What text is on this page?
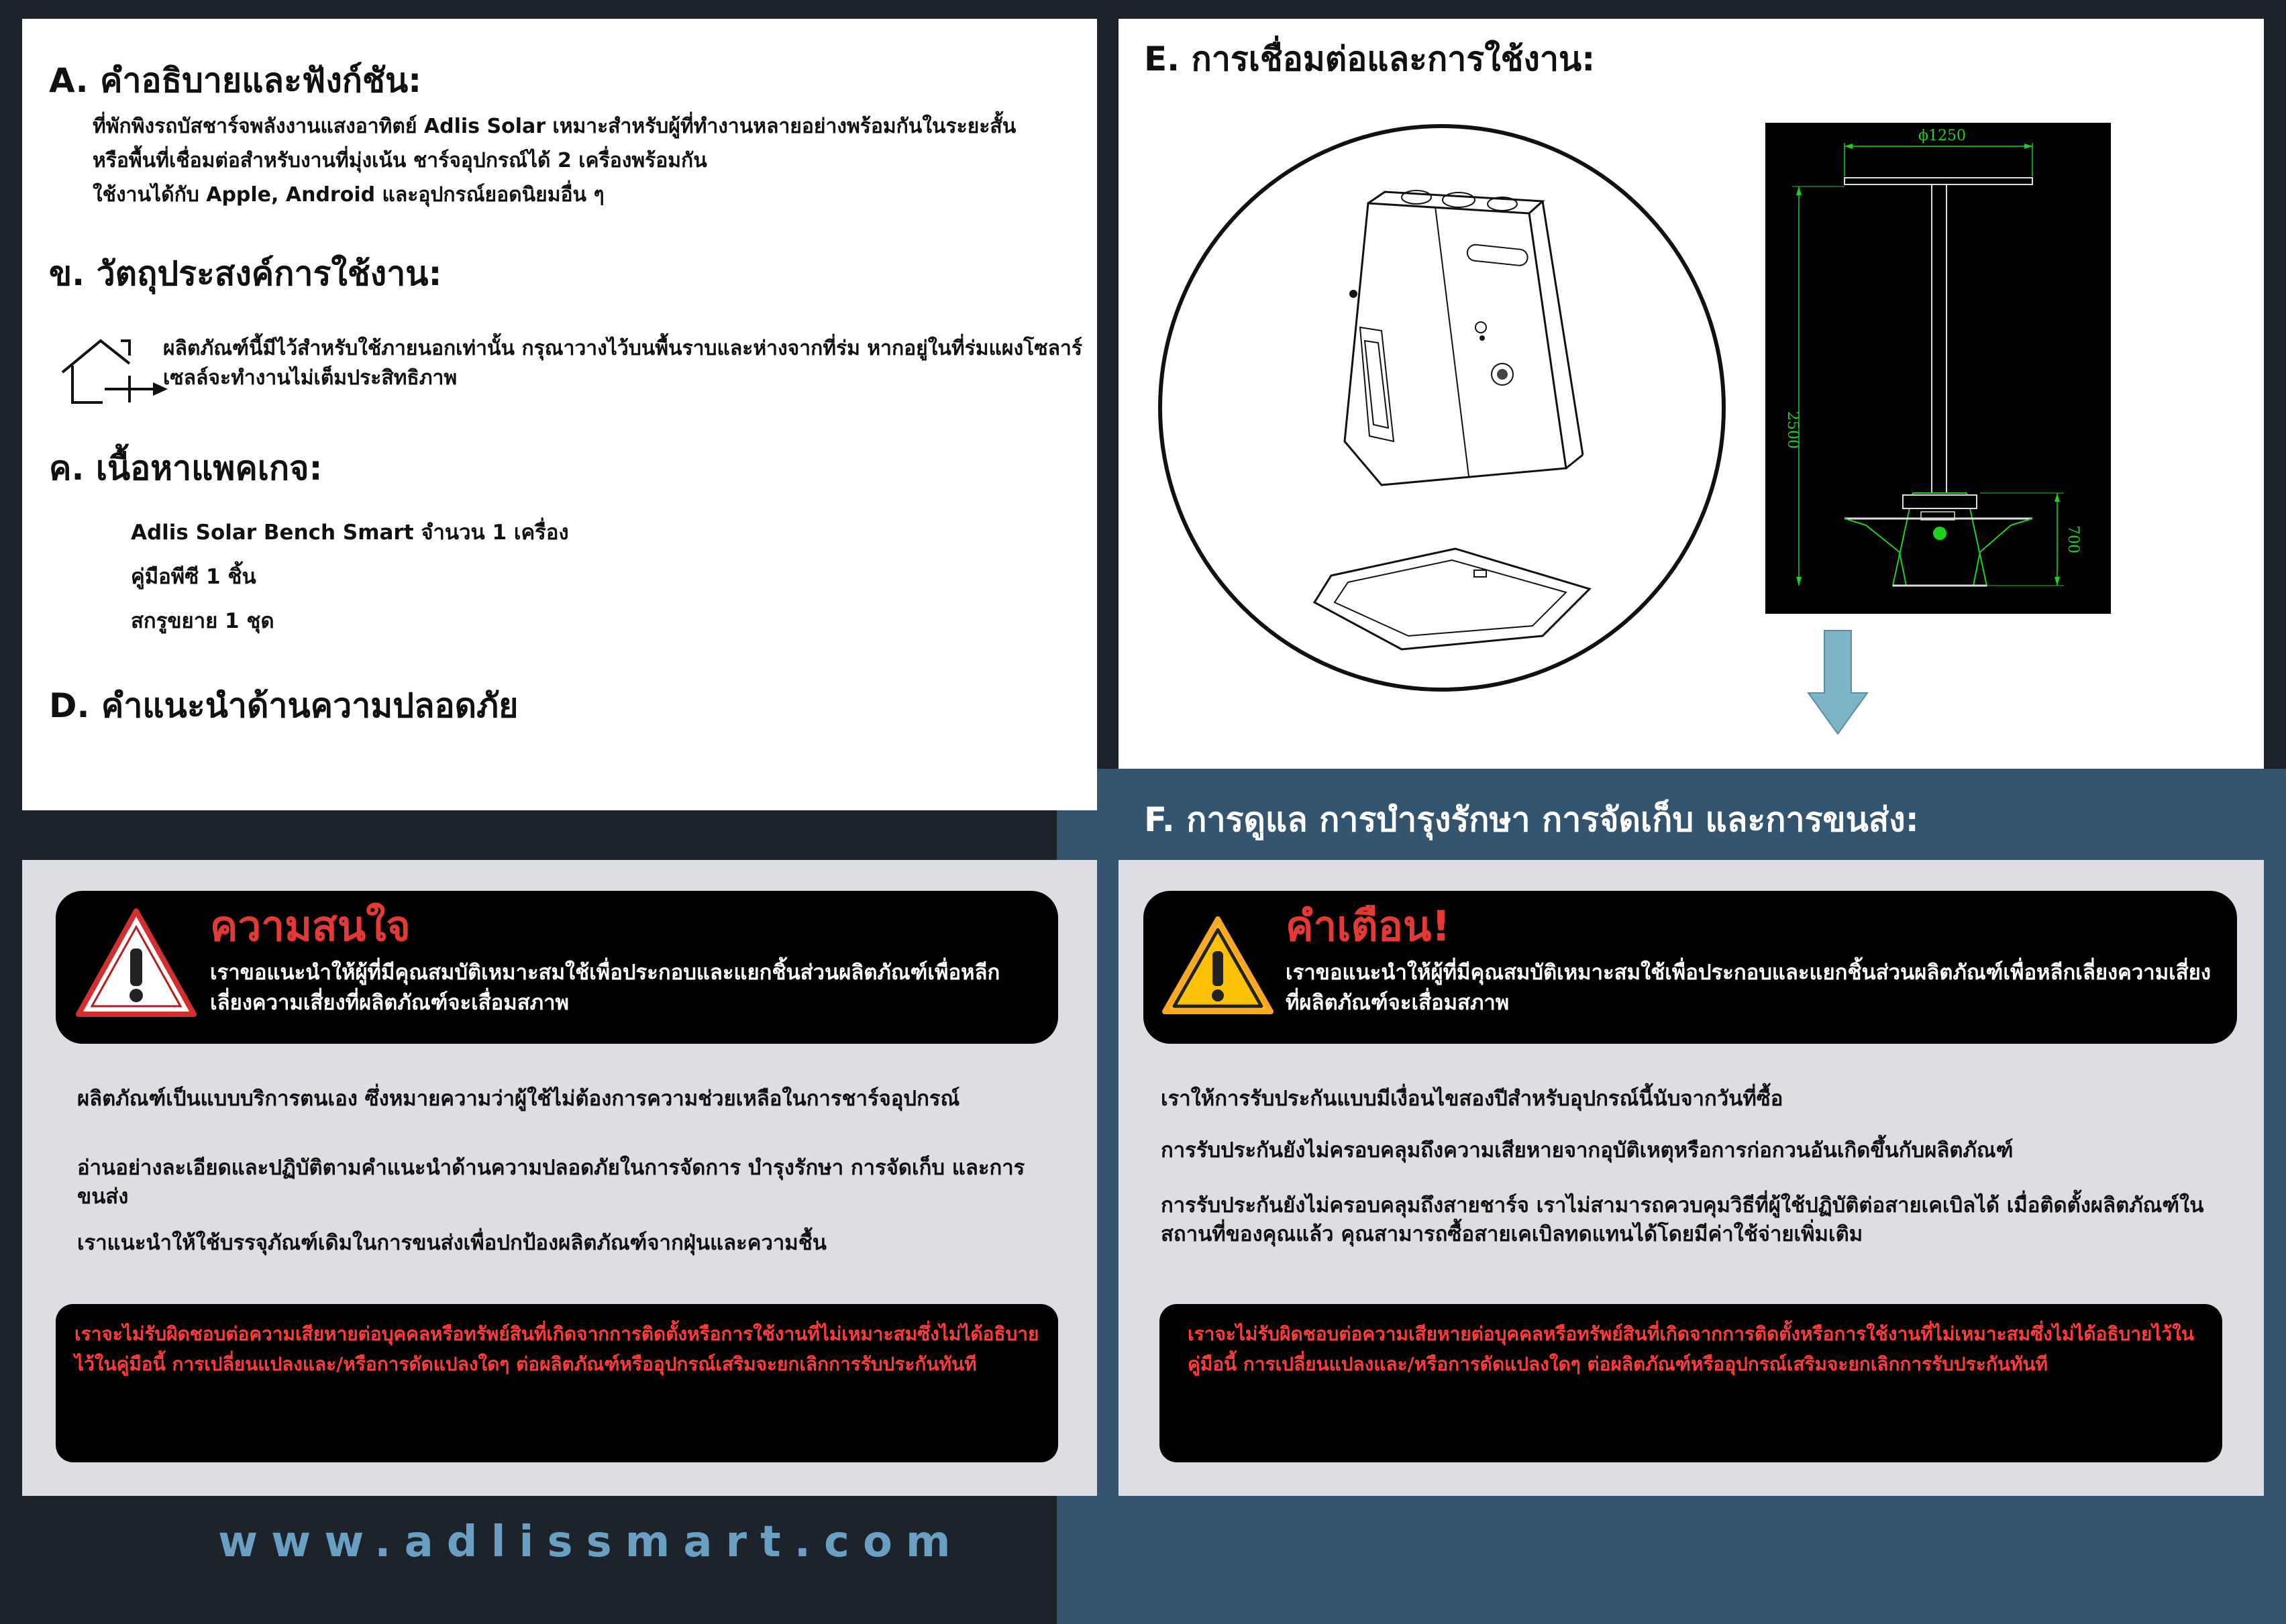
A. คำอธิบายและฟังก์ชัน:
ที่พักพิงรถบัสชาร์จพลังงานแสงอาทิตย์ Adlis Solar เหมาะสำหรับผู้ที่ทำงานหลายอย่างพร้อมกันในระยะสั้น
หรือพื้นที่เชื่อมต่อสำหรับงานที่มุ่งเน้น ชาร์จอุปกรณ์ได้ 2 เครื่องพร้อมกัน
ใช้งานได้กับ Apple, Android และอุปกรณ์ยอดนิยมอื่น ๆ
ข. วัตถุประสงค์การใช้งาน:
ผลิตภัณฑ์นี้มีไว้สำหรับใช้ภายนอกเท่านั้น กรุณาวางไว้บนพื้นราบและห่างจากที่ร่ม หากอยู่ในที่ร่มแผงโซลาร์เซลล์จะทำงานไม่เต็มประสิทธิภาพ
ค. เนื้อหาแพคเกจ:
Adlis Solar Bench Smart จำนวน 1 เครื่อง
คู่มือพีซี 1 ชิ้น
สกรูขยาย 1 ชุด
D. คำแนะนำด้านความปลอดภัย
E. การเชื่อมต่อและการใช้งาน:
ϕ1250
2500
700
F. การดูแล การบำรุงรักษา การจัดเก็บ และการขนส่ง:
ความสนใจ
เราขอแนะนำให้ผู้ที่มีคุณสมบัติเหมาะสมใช้เพื่อประกอบและแยกชิ้นส่วนผลิตภัณฑ์เพื่อหลีกเลี่ยงความเสี่ยงที่ผลิตภัณฑ์จะเสื่อมสภาพ
ผลิตภัณฑ์เป็นแบบบริการตนเอง ซึ่งหมายความว่าผู้ใช้ไม่ต้องการความช่วยเหลือในการชาร์จอุปกรณ์
อ่านอย่างละเอียดและปฏิบัติตามคำแนะนำด้านความปลอดภัยในการจัดการ บำรุงรักษา การจัดเก็บ และการขนส่ง
เราแนะนำให้ใช้บรรจุภัณฑ์เดิมในการขนส่งเพื่อปกป้องผลิตภัณฑ์จากฝุ่นและความชื้น
เราจะไม่รับผิดชอบต่อความเสียหายต่อบุคคลหรือทรัพย์สินที่เกิดจากการติดตั้งหรือการใช้งานที่ไม่เหมาะสมซึ่งไม่ได้อธิบายไว้ในคู่มือนี้ การเปลี่ยนแปลงและ/หรือการดัดแปลงใดๆ ต่อผลิตภัณฑ์หรืออุปกรณ์เสริมจะยกเลิกการรับประกันทันที
คำเตือน!
เราขอแนะนำให้ผู้ที่มีคุณสมบัติเหมาะสมใช้เพื่อประกอบและแยกชิ้นส่วนผลิตภัณฑ์เพื่อหลีกเลี่ยงความเสี่ยงที่ผลิตภัณฑ์จะเสื่อมสภาพ
เราให้การรับประกันแบบมีเงื่อนไขสองปีสำหรับอุปกรณ์นี้นับจากวันที่ซื้อ
การรับประกันยังไม่ครอบคลุมถึงความเสียหายจากอุบัติเหตุหรือการก่อกวนอันเกิดขึ้นกับผลิตภัณฑ์
การรับประกันยังไม่ครอบคลุมถึงสายชาร์จ เราไม่สามารถควบคุมวิธีที่ผู้ใช้ปฏิบัติต่อสายเคเบิลได้ เมื่อติดตั้งผลิตภัณฑ์ในสถานที่ของคุณแล้ว คุณสามารถซื้อสายเคเบิลทดแทนได้โดยมีค่าใช้จ่ายเพิ่มเติม
เราจะไม่รับผิดชอบต่อความเสียหายต่อบุคคลหรือทรัพย์สินที่เกิดจากการติดตั้งหรือการใช้งานที่ไม่เหมาะสมซึ่งไม่ได้อธิบายไว้ในคู่มือนี้ การเปลี่ยนแปลงและ/หรือการดัดแปลงใดๆ ต่อผลิตภัณฑ์หรืออุปกรณ์เสริมจะยกเลิกการรับประกันทันที
www.adlissmart.com
